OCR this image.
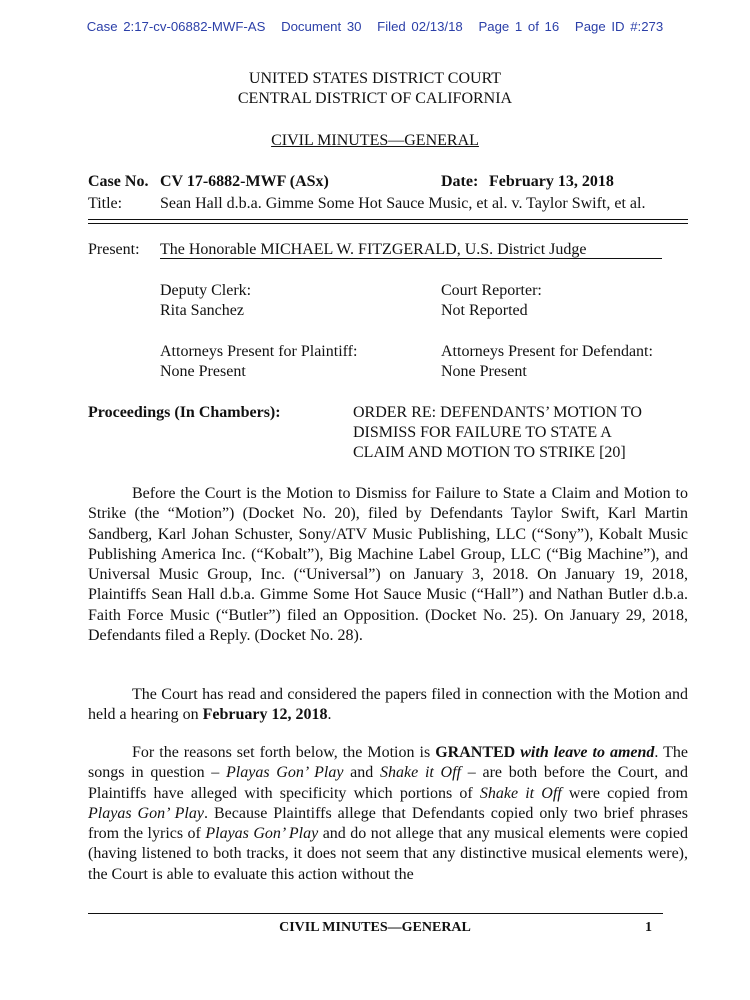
Case 2:17-cv-06882-MWF-AS Document 30 Filed 02/13/18 Page 1 of 16 Page ID #:273
UNITED STATES DISTRICT COURT
CENTRAL DISTRICT OF CALIFORNIA
CIVIL MINUTES—GENERAL
Case No. CV 17-6882-MWF (ASx)	Date: February 13, 2018
Title: Sean Hall d.b.a. Gimme Some Hot Sauce Music, et al. v. Taylor Swift, et al.
Present: The Honorable MICHAEL W. FITZGERALD, U.S. District Judge
Deputy Clerk:
Rita Sanchez
Court Reporter:
Not Reported
Attorneys Present for Plaintiff:
None Present
Attorneys Present for Defendant:
None Present
Proceedings (In Chambers):	ORDER RE: DEFENDANTS’ MOTION TO
DISMISS FOR FAILURE TO STATE A
CLAIM AND MOTION TO STRIKE [20]
Before the Court is the Motion to Dismiss for Failure to State a Claim and Motion to Strike (the “Motion”) (Docket No. 20), filed by Defendants Taylor Swift, Karl Martin Sandberg, Karl Johan Schuster, Sony/ATV Music Publishing, LLC (“Sony”), Kobalt Music Publishing America Inc. (“Kobalt”), Big Machine Label Group, LLC (“Big Machine”), and Universal Music Group, Inc. (“Universal”) on January 3, 2018. On January 19, 2018, Plaintiffs Sean Hall d.b.a. Gimme Some Hot Sauce Music (“Hall”) and Nathan Butler d.b.a. Faith Force Music (“Butler”) filed an Opposition. (Docket No. 25). On January 29, 2018, Defendants filed a Reply. (Docket No. 28).
The Court has read and considered the papers filed in connection with the Motion and held a hearing on February 12, 2018.
For the reasons set forth below, the Motion is GRANTED with leave to amend. The songs in question – Playas Gon’ Play and Shake it Off – are both before the Court, and Plaintiffs have alleged with specificity which portions of Shake it Off were copied from Playas Gon’ Play. Because Plaintiffs allege that Defendants copied only two brief phrases from the lyrics of Playas Gon’ Play and do not allege that any musical elements were copied (having listened to both tracks, it does not seem that any distinctive musical elements were), the Court is able to evaluate this action without the
CIVIL MINUTES—GENERAL	1
